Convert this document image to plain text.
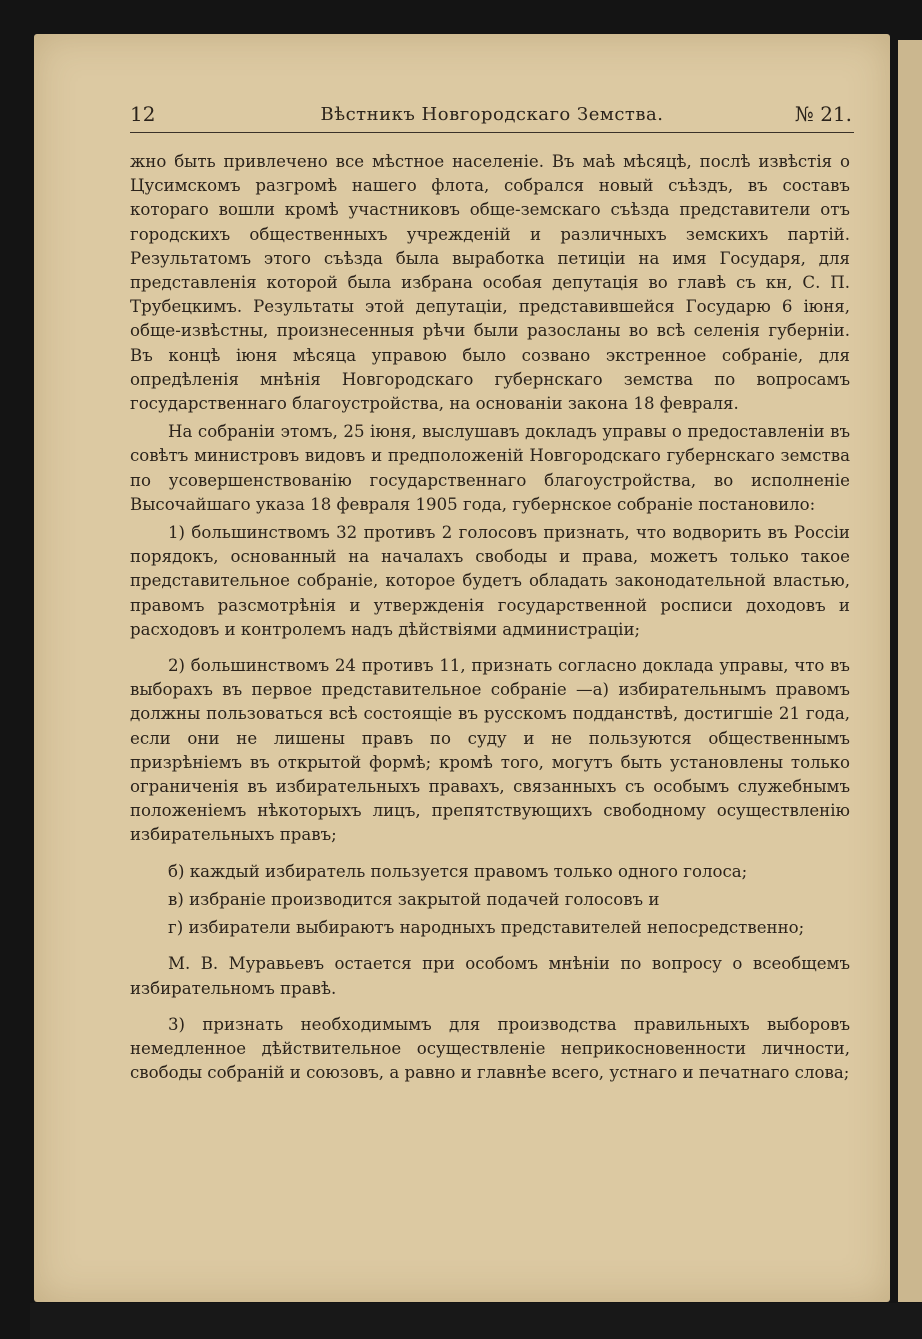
12	Вѣстникъ Новгородскаго Земства.	№ 21.

жно быть привлечено все мѣстное населеніе. Въ маѣ мѣсяцѣ, послѣ извѣстія о Цусимскомъ разгромѣ нашего флота, собрался новый съѣздъ, въ составъ котораго вошли кромѣ участниковъ обще-земскаго съѣзда представители отъ городскихъ общественныхъ учрежденій и различныхъ земскихъ партій. Результатомъ этого съѣзда была выработка петиціи на имя Государя, для представленія которой была избрана особая депутація во главѣ съ кн, С. П. Трубецкимъ. Результаты этой депутаціи, представившейся Государю 6 іюня, обще-извѣстны, произнесенныя рѣчи были разосланы во всѣ селенія губерніи. Въ концѣ іюня мѣсяца управою было созвано экстренное собраніе, для опредѣленія мнѣнія Новгородскаго губернскаго земства по вопросамъ государственнаго благоустройства, на основаніи закона 18 февраля.

На собраніи этомъ, 25 іюня, выслушавъ докладъ управы о предоставленіи въ совѣтъ министровъ видовъ и предположеній Новгородскаго губернскаго земства по усовершенствованію государственнаго благоустройства, во исполненіе Высочайшаго указа 18 февраля 1905 года, губернское собраніе постановило:

1) большинствомъ 32 противъ 2 голосовъ признать, что водворить въ Россіи порядокъ, основанный на началахъ свободы и права, можетъ только такое представительное собраніе, которое будетъ обладать законодательной властью, правомъ разсмотрѣнія и утвержденія государственной росписи доходовъ и расходовъ и контролемъ надъ дѣйствіями администраціи;

2) большинствомъ 24 противъ 11, признать согласно доклада управы, что въ выборахъ въ первое представительное собраніе —а) избирательнымъ правомъ должны пользоваться всѣ состоящіе въ русскомъ подданствѣ, достигшіе 21 года, если они не лишены правъ по суду и не пользуются общественнымъ призрѣніемъ въ открытой формѣ; кромѣ того, могутъ быть установлены только ограниченія въ избирательныхъ правахъ, связанныхъ съ особымъ служебнымъ положеніемъ нѣкоторыхъ лицъ, препятствующихъ свободному осуществленію избирательныхъ правъ;

б) каждый избиратель пользуется правомъ только одного голоса;

в) избраніе производится закрытой подачей голосовъ и

г) избиратели выбираютъ народныхъ представителей непосредственно;

М. В. Муравьевъ остается при особомъ мнѣніи по вопросу о всеобщемъ избирательномъ правѣ.

3) признать необходимымъ для производства правильныхъ выборовъ немедленное дѣйствительное осуществленіе неприкосновенности личности, свободы собраній и союзовъ, а равно и главнѣе всего, устнаго и печатнаго слова;
